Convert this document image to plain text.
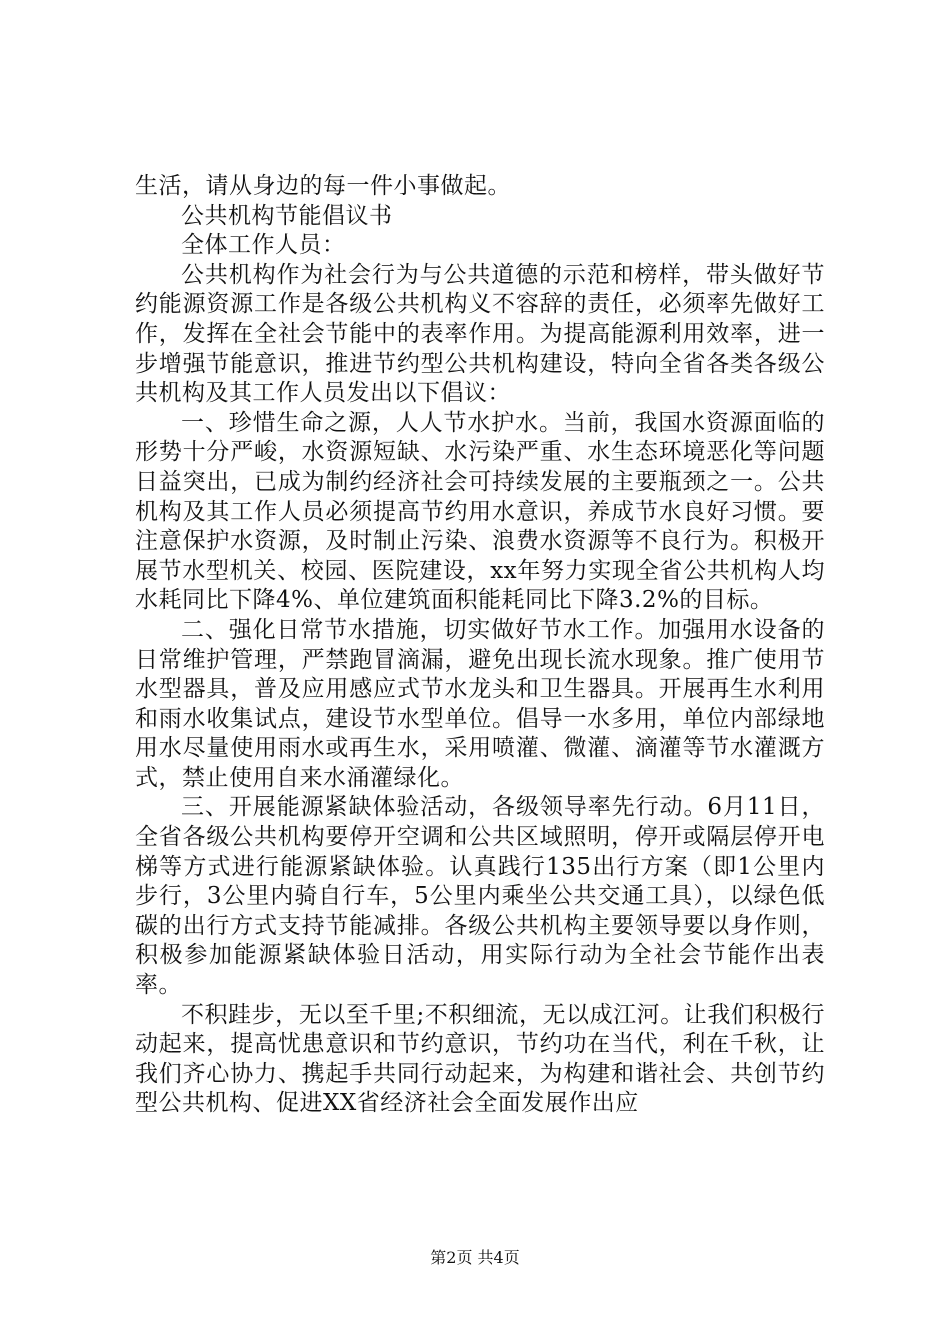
生活，请从身边的每一件小事做起。

公共机构节能倡议书

全体工作人员：

公共机构作为社会行为与公共道德的示范和榜样，带头做好节约能源资源工作是各级公共机构义不容辞的责任，必须率先做好工作，发挥在全社会节能中的表率作用。为提高能源利用效率，进一步增强节能意识，推进节约型公共机构建设，特向全省各类各级公共机构及其工作人员发出以下倡议：

一、珍惜生命之源，人人节水护水。当前，我国水资源面临的形势十分严峻，水资源短缺、水污染严重、水生态环境恶化等问题日益突出，已成为制约经济社会可持续发展的主要瓶颈之一。公共机构及其工作人员必须提高节约用水意识，养成节水良好习惯。要注意保护水资源，及时制止污染、浪费水资源等不良行为。积极开展节水型机关、校园、医院建设，xx年努力实现全省公共机构人均水耗同比下降4%、单位建筑面积能耗同比下降3.2%的目标。

二、强化日常节水措施，切实做好节水工作。加强用水设备的日常维护管理，严禁跑冒滴漏，避免出现长流水现象。推广使用节水型器具，普及应用感应式节水龙头和卫生器具。开展再生水利用和雨水收集试点，建设节水型单位。倡导一水多用，单位内部绿地用水尽量使用雨水或再生水，采用喷灌、微灌、滴灌等节水灌溉方式，禁止使用自来水涌灌绿化。

三、开展能源紧缺体验活动，各级领导率先行动。6月11日，全省各级公共机构要停开空调和公共区域照明，停开或隔层停开电梯等方式进行能源紧缺体验。认真践行135出行方案（即1公里内步行，3公里内骑自行车，5公里内乘坐公共交通工具），以绿色低碳的出行方式支持节能减排。各级公共机构主要领导要以身作则，积极参加能源紧缺体验日活动，用实际行动为全社会节能作出表率。

不积跬步，无以至千里;不积细流，无以成江河。让我们积极行动起来，提高忧患意识和节约意识，节约功在当代，利在千秋，让我们齐心协力、携起手共同行动起来，为构建和谐社会、共创节约型公共机构、促进XX省经济社会全面发展作出应

第2页 共4页
